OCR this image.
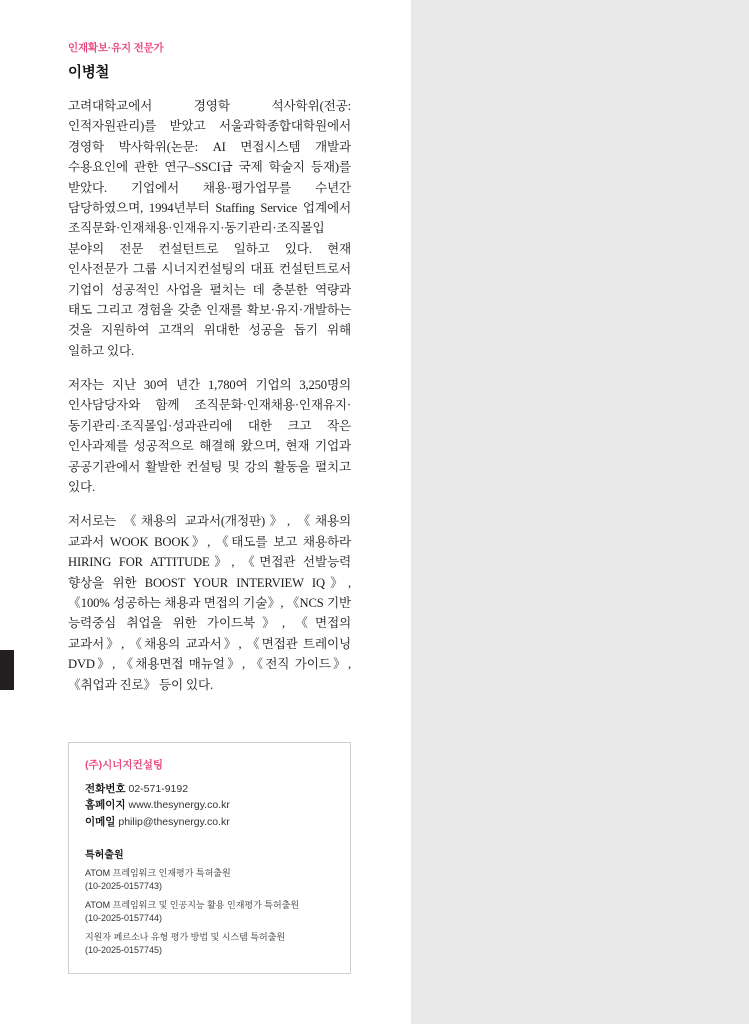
인재확보·유지 전문가

이병철

고려대학교에서 경영학 석사학위(전공: 인적자원관리)를 받았고 서울과학종합대학원에서 경영학 박사학위(논문: AI 면접시스템 개발과 수용요인에 관한 연구–SSCI급 국제 학술지 등재)를 받았다. 기업에서 채용·평가업무를 수년간 담당하였으며, 1994년부터 Staffing Service 업계에서 조직문화·인재채용·인재유지·동기관리·조직몰입 분야의 전문 컨설턴트로 일하고 있다. 현재 인사전문가 그룹 시너지컨설팅의 대표 컨설턴트로서 기업이 성공적인 사업을 펼치는 데 충분한 역량과 태도 그리고 경험을 갖춘 인재를 확보·유지·개발하는 것을 지원하여 고객의 위대한 성공을 돕기 위해 일하고 있다.

저자는 지난 30여 년간 1,780여 기업의 3,250명의 인사담당자와 함께 조직문화·인재채용·인재유지·동기관리·조직몰입·성과관리에 대한 크고 작은 인사과제를 성공적으로 해결해 왔으며, 현재 기업과 공공기관에서 활발한 컨설팅 및 강의 활동을 펼치고 있다.

저서로는 《채용의 교과서(개정판)》, 《채용의 교과서 WOOK BOOK》, 《태도를 보고 채용하라 HIRING FOR ATTITUDE》, 《면접관 선발능력 향상을 위한 BOOST YOUR INTERVIEW IQ》, 《100% 성공하는 채용과 면접의 기술》, 《NCS 기반 능력중심 취업을 위한 가이드북》, 《면접의 교과서》, 《채용의 교과서》, 《면접관 트레이닝 DVD》, 《채용면접 매뉴얼》, 《전직 가이드》, 《취업과 진로》 등이 있다.

(주)시너지컨설팅

전화번호 02-571-9192

홈페이지 www.thesynergy.co.kr

이메일 philip@thesynergy.co.kr

특허출원

ATOM 프레임워크 인재평가 특허출원
(10-2025-0157743)

ATOM 프레임워크 및 인공지능 활용 인재평가 특허출원
(10-2025-0157744)

지원자 페르소나 유형 평가 방법 및 시스템 특허출원
(10-2025-0157745)
